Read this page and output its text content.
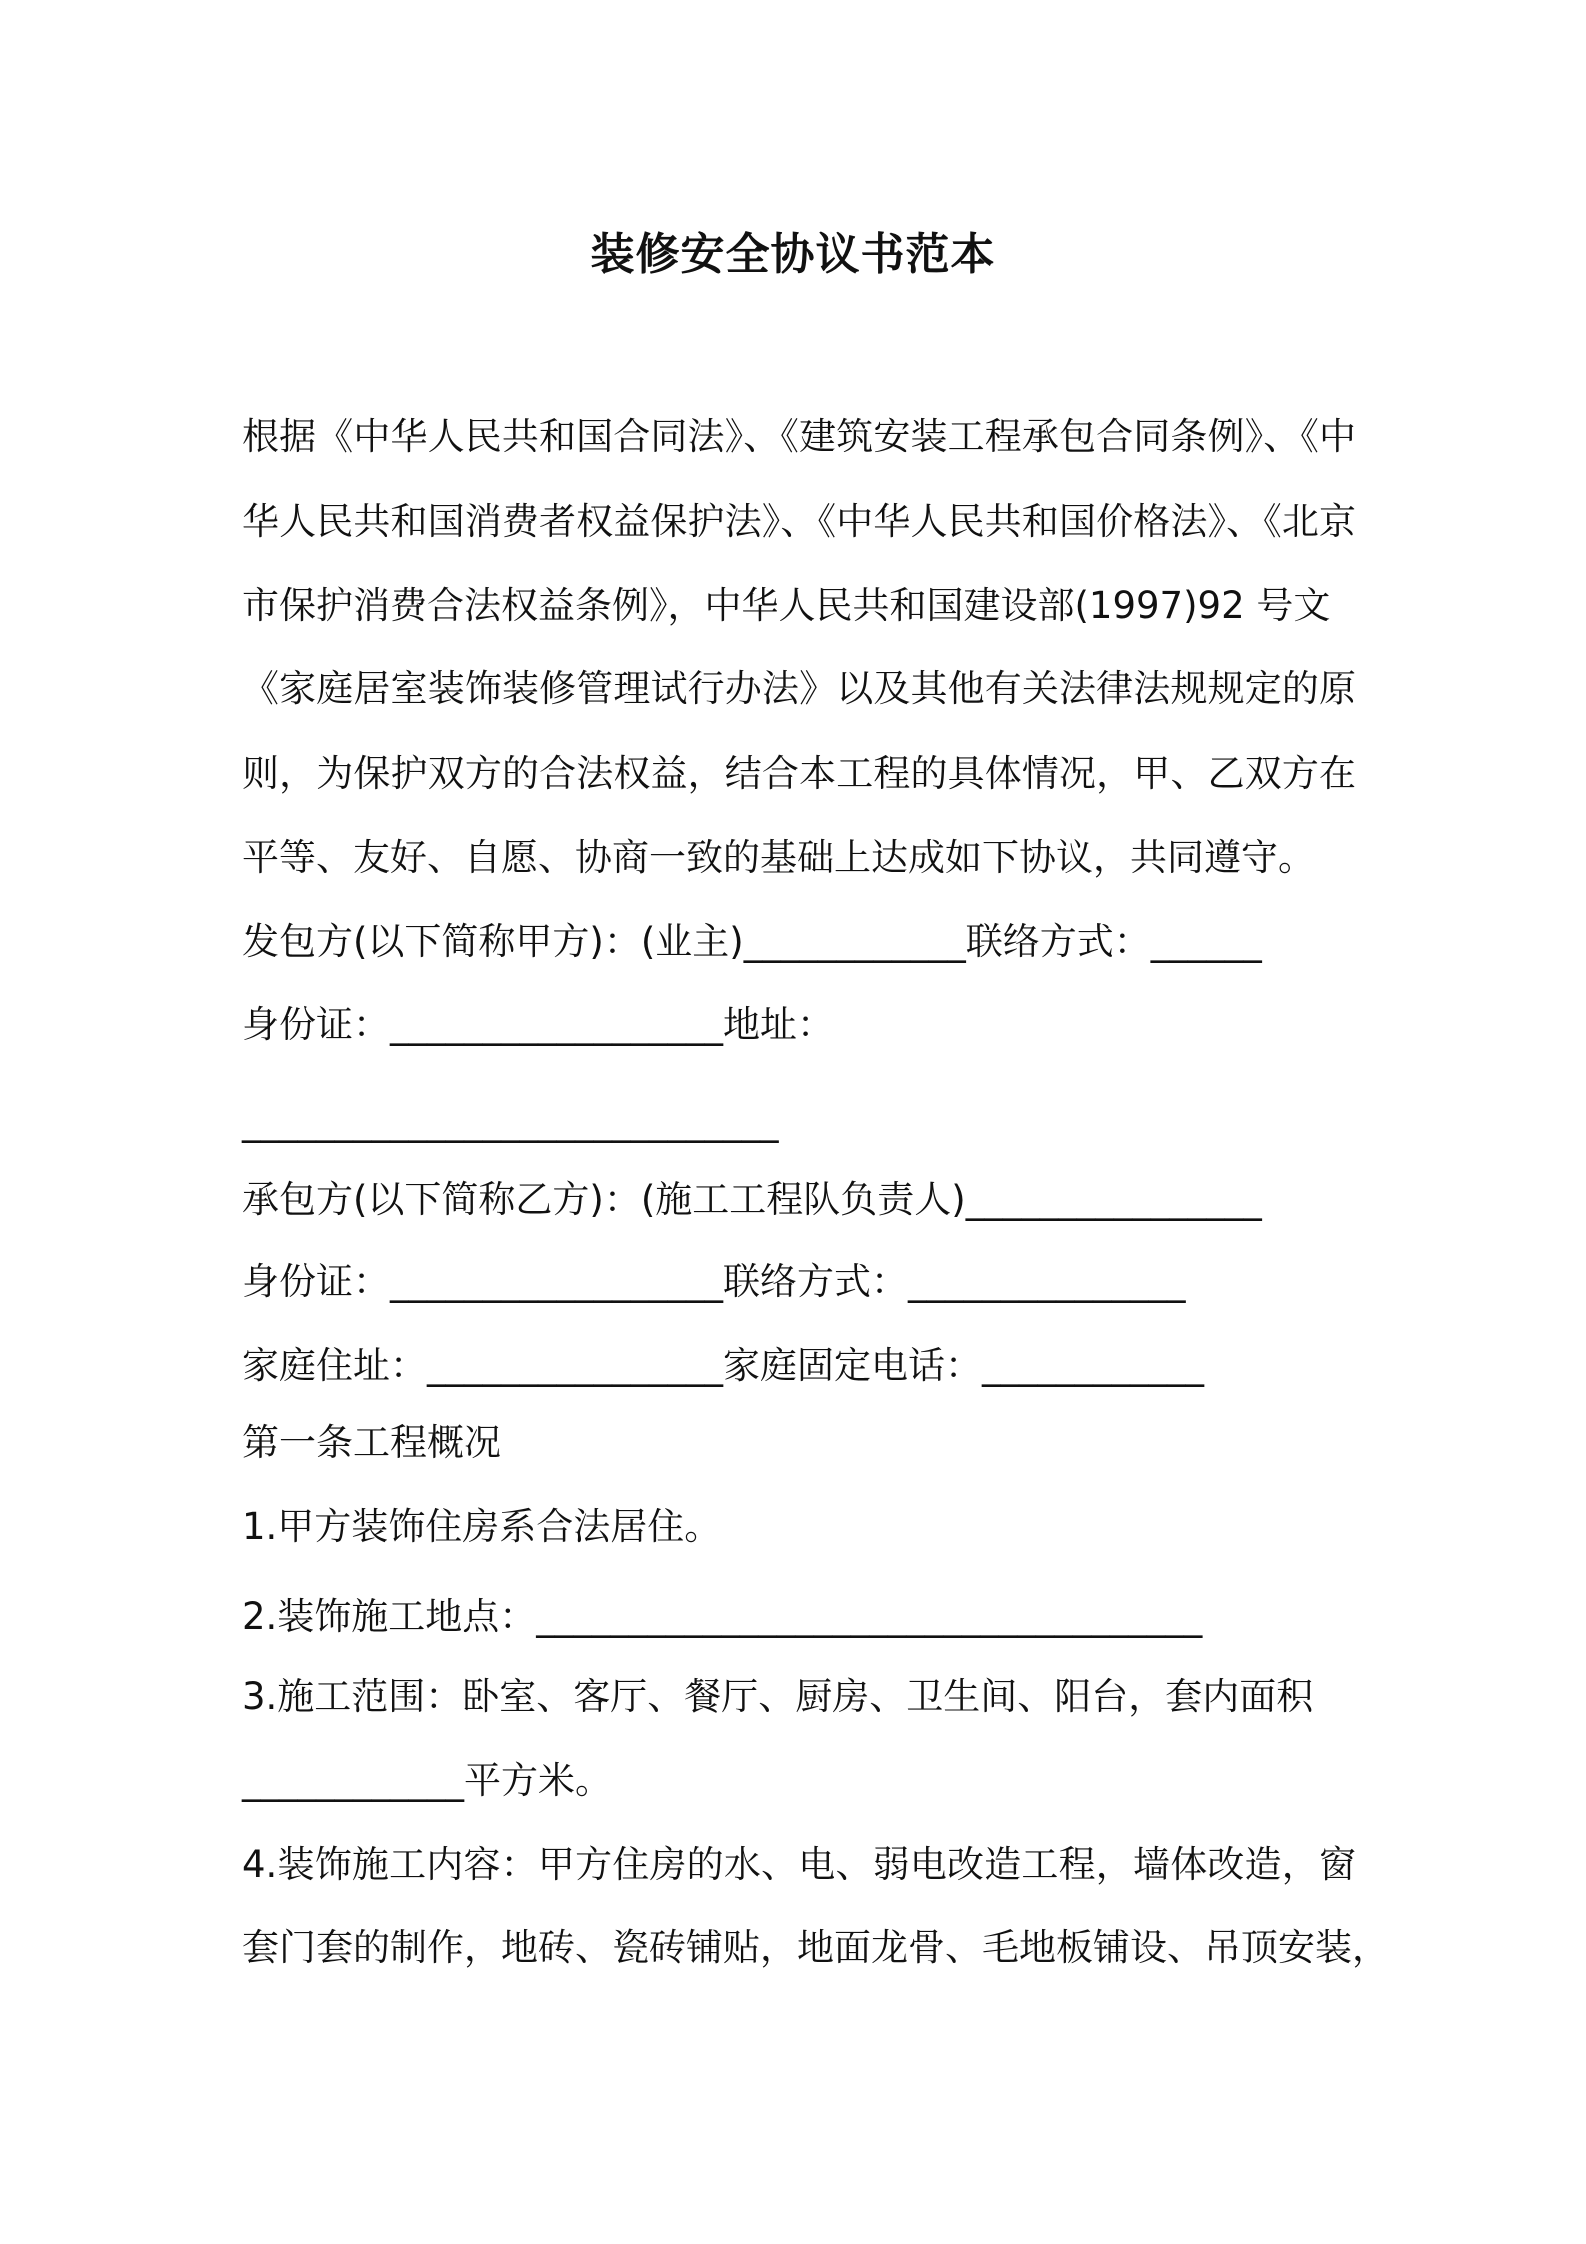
装修安全协议书范本
根据《中华人民共和国合同法》、《建筑安装工程承包合同条例》、《中
华人民共和国消费者权益保护法》、《中华人民共和国价格法》、《北京
市保护消费合法权益条例》，中华人民共和国建设部(1997)92 号文
《家庭居室装饰装修管理试行办法》以及其他有关法律法规规定的原
则，为保护双方的合法权益，结合本工程的具体情况，甲、乙双方在
平等、友好、自愿、协商一致的基础上达成如下协议，共同遵守。
发包方(以下简称甲方)：(业主)____________联络方式：______
身份证：__________________地址：
_____________________________
承包方(以下简称乙方)：(施工工程队负责人)________________
身份证：__________________联络方式：_______________
家庭住址：________________家庭固定电话：____________
第一条工程概况
1.甲方装饰住房系合法居住。
2.装饰施工地点：____________________________________
3.施工范围：卧室、客厅、餐厅、厨房、卫生间、阳台，套内面积
____________平方米。
4.装饰施工内容：甲方住房的水、电、弱电改造工程，墙体改造，窗
套门套的制作，地砖、瓷砖铺贴，地面龙骨、毛地板铺设、吊顶安装，
